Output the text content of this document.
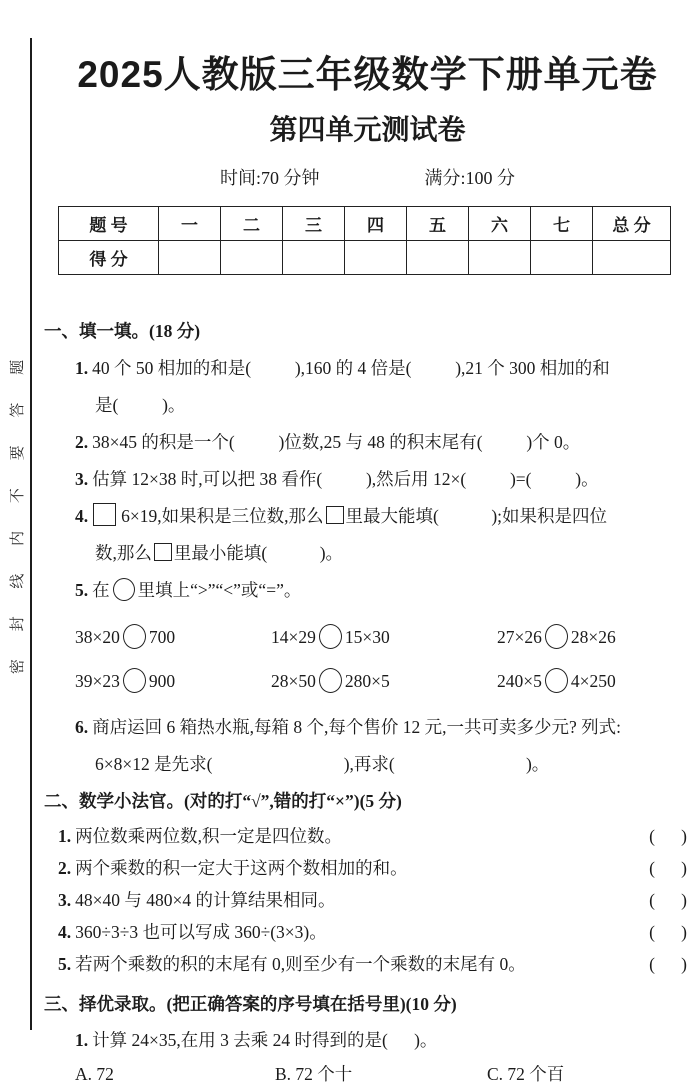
密 封 线 内 不 要 答 题
2025人教版三年级数学下册单元卷
第四单元测试卷
时间:70 分钟	满分:100 分
题 号	一	二	三	四	五	六	七	总 分
得 分								
一、填一填。(18 分)
1. 40 个 50 相加的和是(          ),160 的 4 倍是(          ),21 个 300 相加的和
是(          )。
2. 38×45 的积是一个(          )位数,25 与 48 的积末尾有(          )个 0。
3. 估算 12×38 时,可以把 38 看作(          ),然后用 12×(          )=(          )。
4. 6×19,如果积是三位数,那么 里最大能填(            );如果积是四位
数,那么 里最小能填(            )。
5. 在 里填上“>”“<”或“=”。
38×20 700	14×29 15×30	27×26 28×26
39×23 900	28×50 280×5	240×5 4×250
6. 商店运回 6 箱热水瓶,每箱 8 个,每个售价 12 元,一共可卖多少元? 列式:
6×8×12 是先求(                              ),再求(                              )。
二、数学小法官。(对的打“√”,错的打“×”)(5 分)
1. 两位数乘两位数,积一定是四位数。	(      )
2. 两个乘数的积一定大于这两个数相加的和。	(      )
3. 48×40 与 480×4 的计算结果相同。	(      )
4. 360÷3÷3 也可以写成 360÷(3×3)。	(      )
5. 若两个乘数的积的末尾有 0,则至少有一个乘数的末尾有 0。	(      )
三、择优录取。(把正确答案的序号填在括号里)(10 分)
1. 计算 24×35,在用 3 去乘 24 时得到的是(      )。
A. 72	B. 72 个十	C. 72 个百
